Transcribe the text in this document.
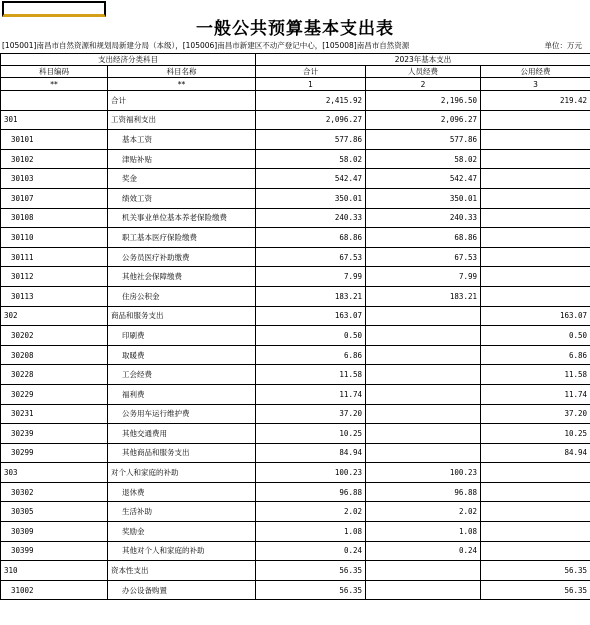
一般公共预算基本支出表
[105001]南昌市自然资源和规划局新建分局（本级），[105006]南昌市新建区不动产登记中心，[105008]南昌市自然资源	单位：万元
支出经济分类科目		2023年基本支出		
科目编码	科目名称	合计	人员经费	公用经费
**	**	1	2	3
	合计	2,415.92	2,196.50	219.42
301	工资福利支出	2,096.27	2,096.27	
30101	基本工资	577.86	577.86	
30102	津贴补贴	58.02	58.02	
30103	奖金	542.47	542.47	
30107	绩效工资	350.01	350.01	
30108	机关事业单位基本养老保险缴费	240.33	240.33	
30110	职工基本医疗保险缴费	68.86	68.86	
30111	公务员医疗补助缴费	67.53	67.53	
30112	其他社会保障缴费	7.99	7.99	
30113	住房公积金	183.21	183.21	
302	商品和服务支出	163.07		163.07
30202	印刷费	0.50		0.50
30208	取暖费	6.86		6.86
30228	工会经费	11.58		11.58
30229	福利费	11.74		11.74
30231	公务用车运行维护费	37.20		37.20
30239	其他交通费用	10.25		10.25
30299	其他商品和服务支出	84.94		84.94
303	对个人和家庭的补助	100.23	100.23	
30302	退休费	96.88	96.88	
30305	生活补助	2.02	2.02	
30309	奖励金	1.08	1.08	
30399	其他对个人和家庭的补助	0.24	0.24	
310	资本性支出	56.35		56.35
31002	办公设备购置	56.35		56.35
